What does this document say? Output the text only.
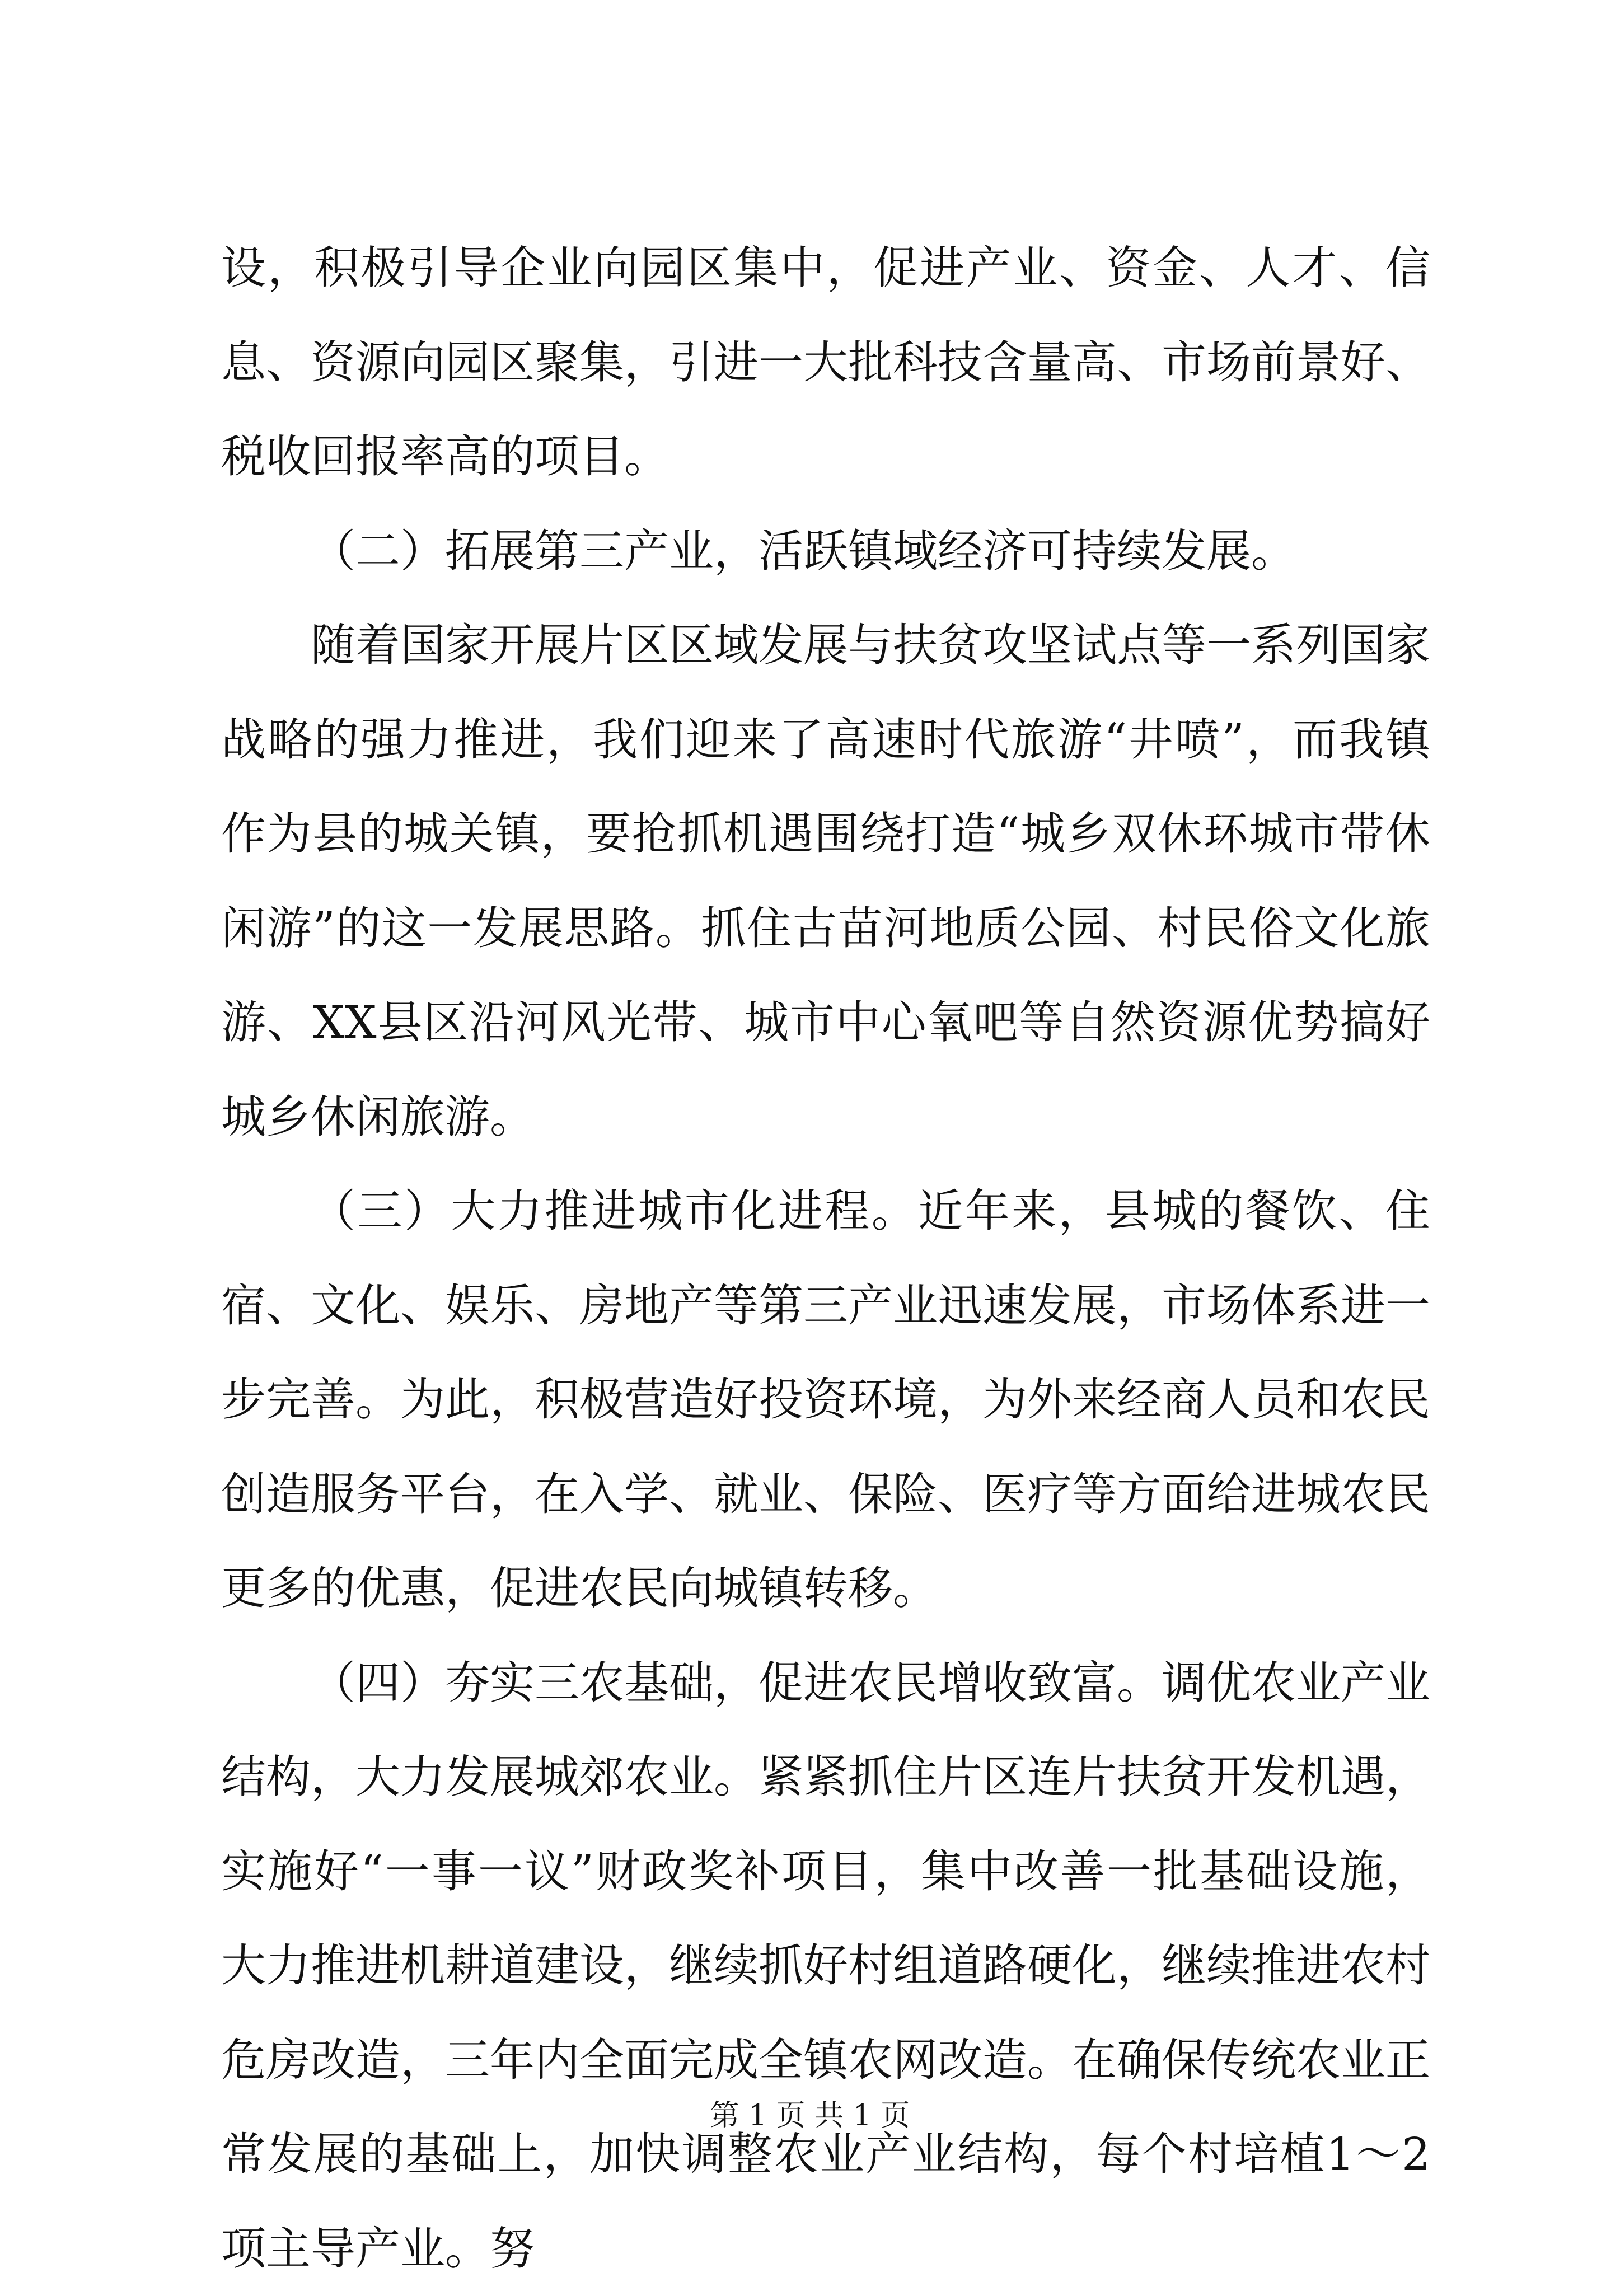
设，积极引导企业向园区集中，促进产业、资金、人才、信息、资源向园区聚集，引进一大批科技含量高、市场前景好、税收回报率高的项目。

（二）拓展第三产业，活跃镇域经济可持续发展。

随着国家开展片区区域发展与扶贫攻坚试点等一系列国家战略的强力推进，我们迎来了高速时代旅游“井喷”，而我镇作为县的城关镇，要抢抓机遇围绕打造“城乡双休环城市带休闲游”的这一发展思路。抓住古苗河地质公园、村民俗文化旅游、XX县区沿河风光带、城市中心氧吧等自然资源优势搞好城乡休闲旅游。

（三）大力推进城市化进程。近年来，县城的餐饮、住宿、文化、娱乐、房地产等第三产业迅速发展，市场体系进一步完善。为此，积极营造好投资环境，为外来经商人员和农民创造服务平台，在入学、就业、保险、医疗等方面给进城农民更多的优惠，促进农民向城镇转移。

（四）夯实三农基础，促进农民增收致富。调优农业产业结构，大力发展城郊农业。紧紧抓住片区连片扶贫开发机遇，实施好“一事一议”财政奖补项目，集中改善一批基础设施，大力推进机耕道建设，继续抓好村组道路硬化，继续推进农村危房改造，三年内全面完成全镇农网改造。在确保传统农业正常发展的基础上，加快调整农业产业结构，每个村培植1～2项主导产业。努

第 1 页 共 1 页
